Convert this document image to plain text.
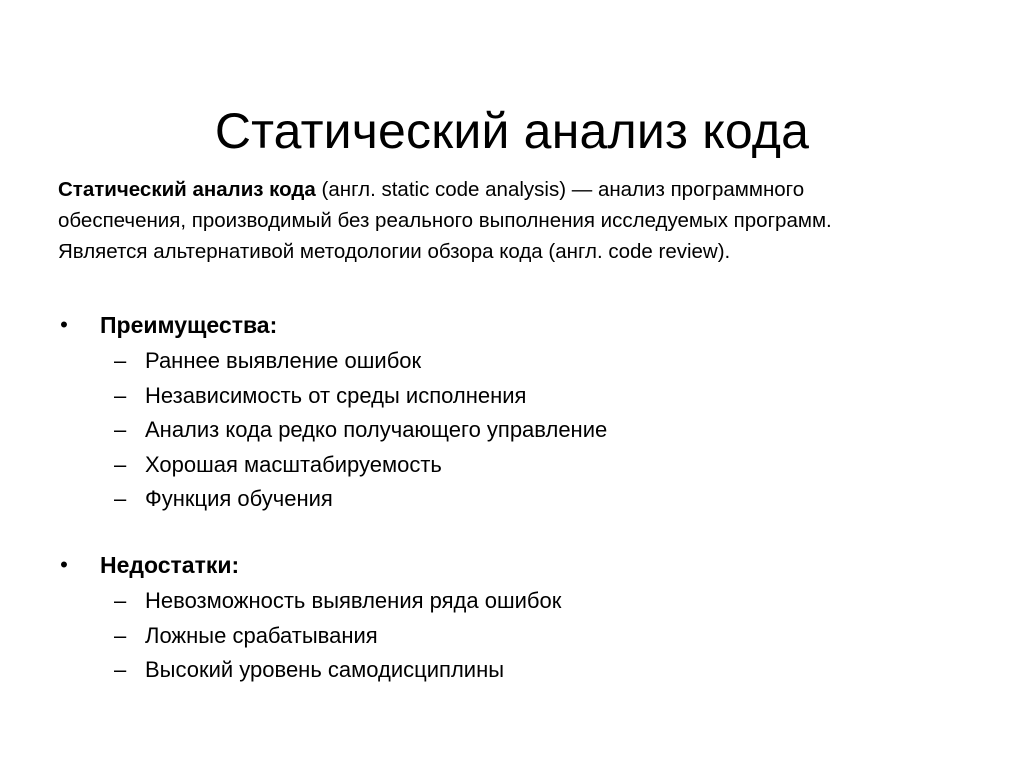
Статический анализ кода
Статический анализ кода (англ. static code analysis) — анализ программного
обеспечения, производимый без реального выполнения исследуемых программ.
Является альтернативой методологии обзора кода (англ. code review).
• Преимущества:
– Раннее выявление ошибок
– Независимость от среды исполнения
– Анализ кода редко получающего управление
– Хорошая масштабируемость
– Функция обучения
• Недостатки:
– Невозможность выявления ряда ошибок
– Ложные срабатывания
– Высокий уровень самодисциплины
